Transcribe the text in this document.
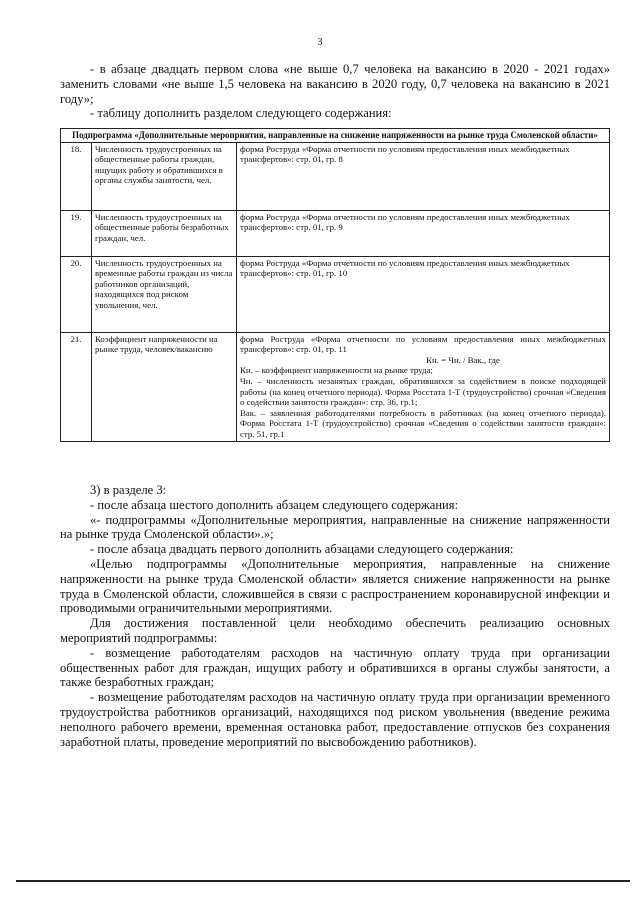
3

- в абзаце двадцать первом слова «не выше 0,7 человека на вакансию в 2020 - 2021 годах» заменить словами «не выше 1,5 человека на вакансию в 2020 году, 0,7 человека на вакансию в 2021 году»;

- таблицу дополнить разделом следующего содержания:

Подпрограмма «Дополнительные мероприятия, направленные на снижение напряженности на рынке труда Смоленской области»		
18.	Численность трудоустроенных на общественные работы граждан, ищущих работу и обратившихся в органы службы занятости, чел.	форма Роструда «Форма отчетности по условиям предоставления иных межбюджетных трансфертов»: стр. 01, гр. 8
19.	Численность трудоустроенных на общественные работы безработных граждан, чел.	форма Роструда «Форма отчетности по условиям предоставления иных межбюджетных трансфертов»: стр. 01, гр. 9
20.	Численность трудоустроенных на временные работы граждан из числа работников организаций, находящихся под риском увольнения, чел.	форма Роструда «Форма отчетности по условиям предоставления иных межбюджетных трансфертов»: стр. 01, гр. 10
21.	Коэффициент напряженности на рынке труда, человек/вакансию	форма Роструда «Форма отчетности по условиям предоставления иных межбюджетных трансфертов»: стр. 01, гр. 11
Кн. = Чн. / Вак., где
Кн. – коэффициент напряженности на рынке труда;
Чн. – численность незанятых граждан, обратившихся за содействием в поиске подходящей работы (на конец отчетного периода). Форма Росстата 1-Т (трудоустройство) срочная «Сведения о содействии занятости граждан»: стр. 36, гр.1;
Вак. – заявленная работодателями потребность в работниках (на конец отчетного периода). Форма Росстата 1-Т (трудоустройство) срочная «Сведения о содействии занятости граждан»: стр. 51, гр.1

3) в разделе 3:

- после абзаца шестого дополнить абзацем следующего содержания:

«- подпрограммы «Дополнительные мероприятия, направленные на снижение напряженности на рынке труда Смоленской области».»;

- после абзаца двадцать первого дополнить абзацами следующего содержания:

«Целью подпрограммы «Дополнительные мероприятия, направленные на снижение напряженности на рынке труда Смоленской области» является снижение напряженности на рынке труда в Смоленской области, сложившейся в связи с распространением коронавирусной инфекции и проводимыми ограничительными мероприятиями.

Для достижения поставленной цели необходимо обеспечить реализацию основных мероприятий подпрограммы:

- возмещение работодателям расходов на частичную оплату труда при организации общественных работ для граждан, ищущих работу и обратившихся в органы службы занятости, а также безработных граждан;

- возмещение работодателям расходов на частичную оплату труда при организации временного трудоустройства работников организаций, находящихся под риском увольнения (введение режима неполного рабочего времени, временная остановка работ, предоставление отпусков без сохранения заработной платы, проведение мероприятий по высвобождению работников).
